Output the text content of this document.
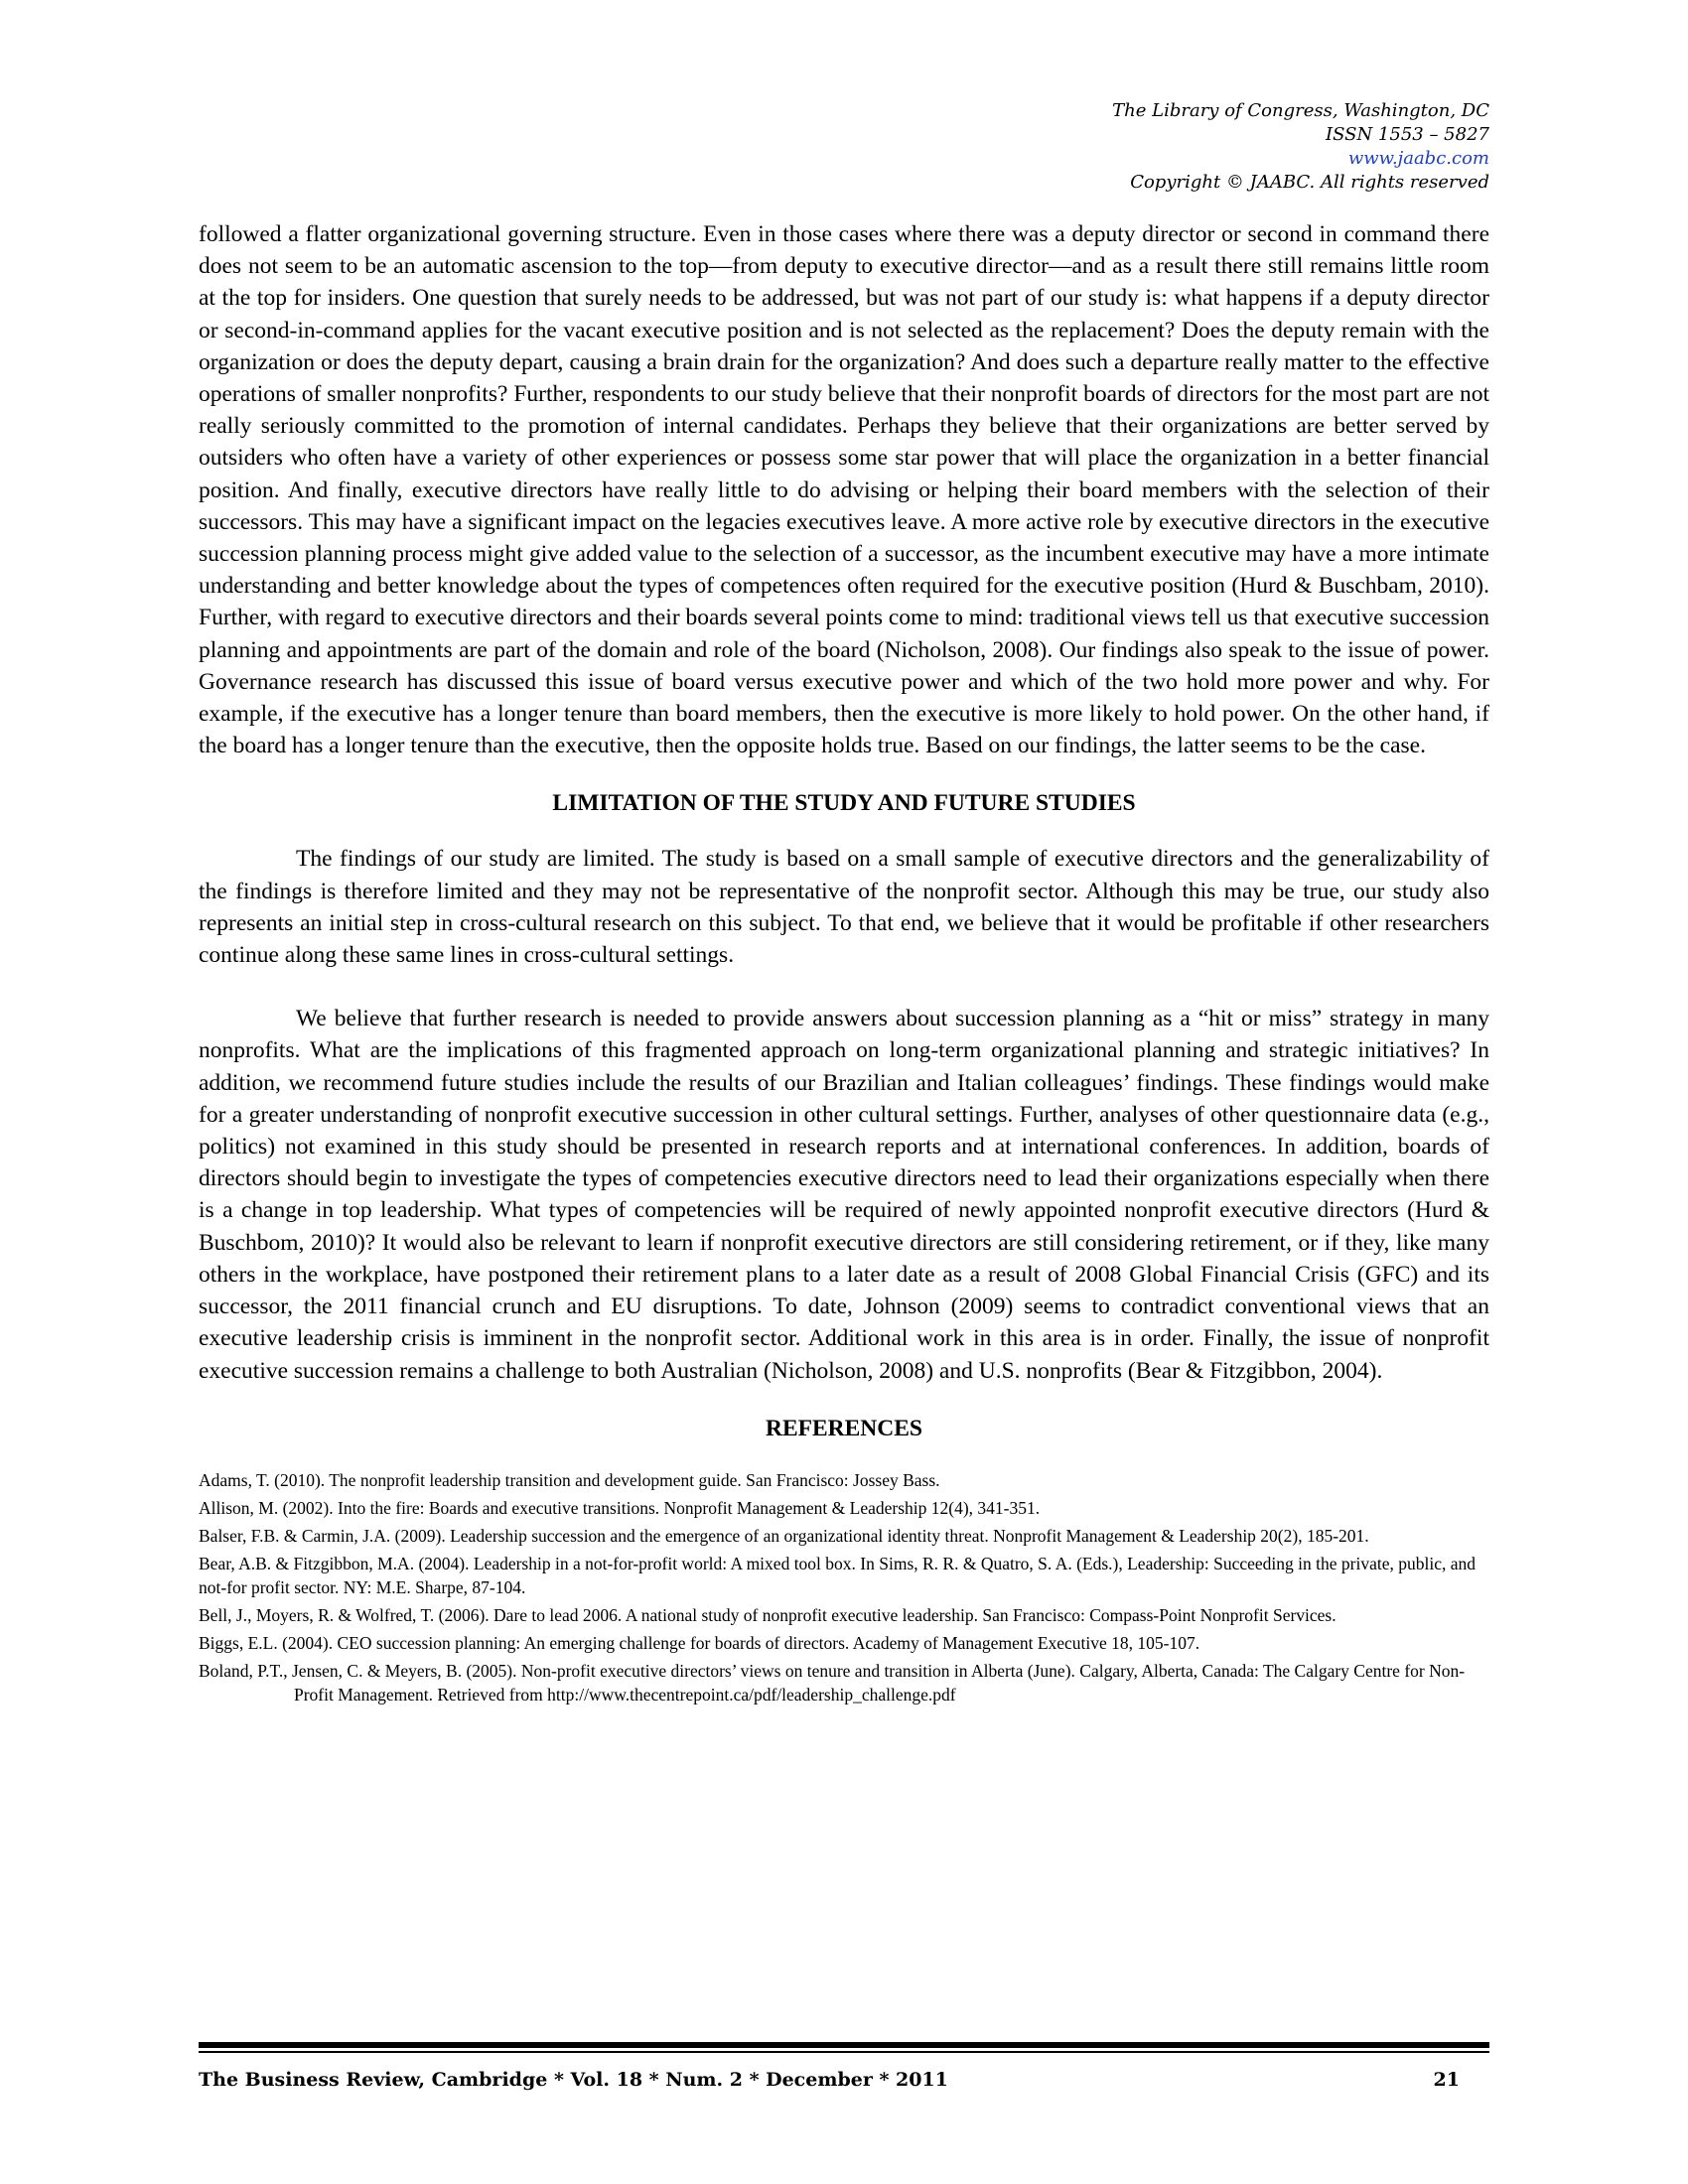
The Library of Congress, Washington, DC
ISSN 1553 – 5827
www.jaabc.com
Copyright © JAABC. All rights reserved

followed a flatter organizational governing structure. Even in those cases where there was a deputy director or second in command there does not seem to be an automatic ascension to the top—from deputy to executive director—and as a result there still remains little room at the top for insiders. One question that surely needs to be addressed, but was not part of our study is: what happens if a deputy director or second-in-command applies for the vacant executive position and is not selected as the replacement? Does the deputy remain with the organization or does the deputy depart, causing a brain drain for the organization? And does such a departure really matter to the effective operations of smaller nonprofits? Further, respondents to our study believe that their nonprofit boards of directors for the most part are not really seriously committed to the promotion of internal candidates. Perhaps they believe that their organizations are better served by outsiders who often have a variety of other experiences or possess some star power that will place the organization in a better financial position. And finally, executive directors have really little to do advising or helping their board members with the selection of their successors. This may have a significant impact on the legacies executives leave. A more active role by executive directors in the executive succession planning process might give added value to the selection of a successor, as the incumbent executive may have a more intimate understanding and better knowledge about the types of competences often required for the executive position (Hurd & Buschbam, 2010). Further, with regard to executive directors and their boards several points come to mind: traditional views tell us that executive succession planning and appointments are part of the domain and role of the board (Nicholson, 2008). Our findings also speak to the issue of power. Governance research has discussed this issue of board versus executive power and which of the two hold more power and why. For example, if the executive has a longer tenure than board members, then the executive is more likely to hold power. On the other hand, if the board has a longer tenure than the executive, then the opposite holds true. Based on our findings, the latter seems to be the case.

LIMITATION OF THE STUDY AND FUTURE STUDIES

The findings of our study are limited. The study is based on a small sample of executive directors and the generalizability of the findings is therefore limited and they may not be representative of the nonprofit sector. Although this may be true, our study also represents an initial step in cross-cultural research on this subject. To that end, we believe that it would be profitable if other researchers continue along these same lines in cross-cultural settings.

We believe that further research is needed to provide answers about succession planning as a “hit or miss” strategy in many nonprofits. What are the implications of this fragmented approach on long-term organizational planning and strategic initiatives? In addition, we recommend future studies include the results of our Brazilian and Italian colleagues’ findings. These findings would make for a greater understanding of nonprofit executive succession in other cultural settings. Further, analyses of other questionnaire data (e.g., politics) not examined in this study should be presented in research reports and at international conferences. In addition, boards of directors should begin to investigate the types of competencies executive directors need to lead their organizations especially when there is a change in top leadership. What types of competencies will be required of newly appointed nonprofit executive directors (Hurd & Buschbom, 2010)? It would also be relevant to learn if nonprofit executive directors are still considering retirement, or if they, like many others in the workplace, have postponed their retirement plans to a later date as a result of 2008 Global Financial Crisis (GFC) and its successor, the 2011 financial crunch and EU disruptions. To date, Johnson (2009) seems to contradict conventional views that an executive leadership crisis is imminent in the nonprofit sector. Additional work in this area is in order. Finally, the issue of nonprofit executive succession remains a challenge to both Australian (Nicholson, 2008) and U.S. nonprofits (Bear & Fitzgibbon, 2004).

REFERENCES
Adams, T. (2010). The nonprofit leadership transition and development guide. San Francisco: Jossey Bass.
Allison, M. (2002). Into the fire: Boards and executive transitions. Nonprofit Management & Leadership 12(4), 341-351.
Balser, F.B. & Carmin, J.A. (2009). Leadership succession and the emergence of an organizational identity threat. Nonprofit Management & Leadership 20(2), 185-201.
Bear, A.B. & Fitzgibbon, M.A. (2004). Leadership in a not-for-profit world: A mixed tool box. In Sims, R. R. & Quatro, S. A. (Eds.), Leadership: Succeeding in the private, public, and not-for profit sector. NY: M.E. Sharpe, 87-104.
Bell, J., Moyers, R. & Wolfred, T. (2006). Dare to lead 2006. A national study of nonprofit executive leadership. San Francisco: Compass-Point Nonprofit Services.
Biggs, E.L. (2004). CEO succession planning: An emerging challenge for boards of directors. Academy of Management Executive 18, 105-107.
Boland, P.T., Jensen, C. & Meyers, B. (2005). Non-profit executive directors’ views on tenure and transition in Alberta (June). Calgary, Alberta, Canada: The Calgary Centre for Non-Profit Management. Retrieved from http://www.thecentrepoint.ca/pdf/leadership_challenge.pdf
The Business Review, Cambridge * Vol. 18 * Num. 2 * December * 2011	21
